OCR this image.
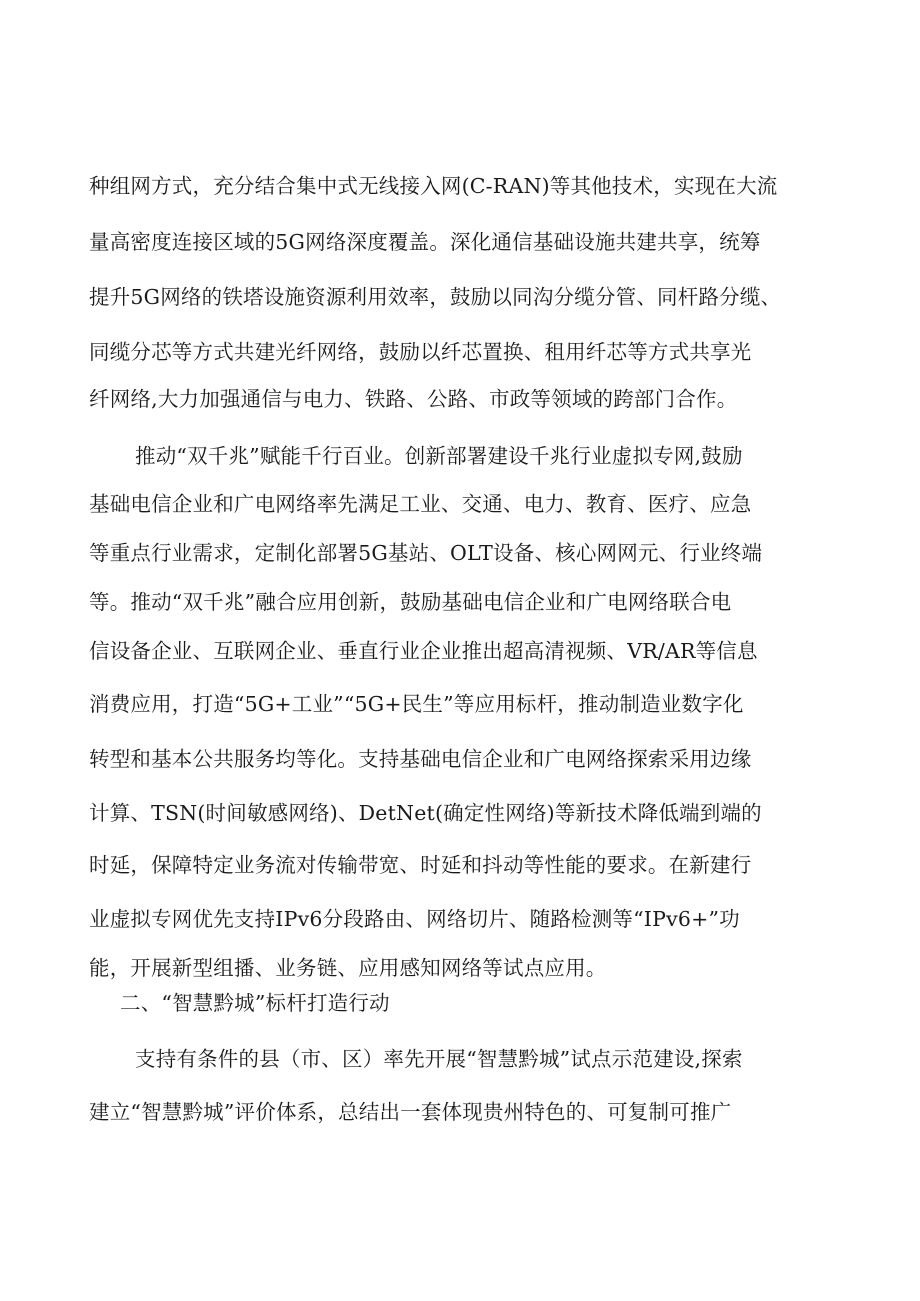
种组网方式，充分结合集中式无线接入网(C-RAN)等其他技术，实现在大流
量高密度连接区域的5G网络深度覆盖。深化通信基础设施共建共享，统筹
提升5G网络的铁塔设施资源利用效率，鼓励以同沟分缆分管、同杆路分缆、
同缆分芯等方式共建光纤网络，鼓励以纤芯置换、租用纤芯等方式共享光
纤网络,大力加强通信与电力、铁路、公路、市政等领域的跨部门合作。
推动“双千兆”赋能千行百业。创新部署建设千兆行业虚拟专网,鼓励
基础电信企业和广电网络率先满足工业、交通、电力、教育、医疗、应急
等重点行业需求，定制化部署5G基站、OLT设备、核心网网元、行业终端
等。推动“双千兆”融合应用创新，鼓励基础电信企业和广电网络联合电
信设备企业、互联网企业、垂直行业企业推出超高清视频、VR/AR等信息
消费应用，打造“5G+工业”“5G+民生”等应用标杆，推动制造业数字化
转型和基本公共服务均等化。支持基础电信企业和广电网络探索采用边缘
计算、TSN(时间敏感网络)、DetNet(确定性网络)等新技术降低端到端的
时延，保障特定业务流对传输带宽、时延和抖动等性能的要求。在新建行
业虚拟专网优先支持IPv6分段路由、网络切片、随路检测等“IPv6+”功
能，开展新型组播、业务链、应用感知网络等试点应用。
二、“智慧黔城”标杆打造行动
支持有条件的县（市、区）率先开展“智慧黔城”试点示范建设,探索
建立“智慧黔城”评价体系，总结出一套体现贵州特色的、可复制可推广
